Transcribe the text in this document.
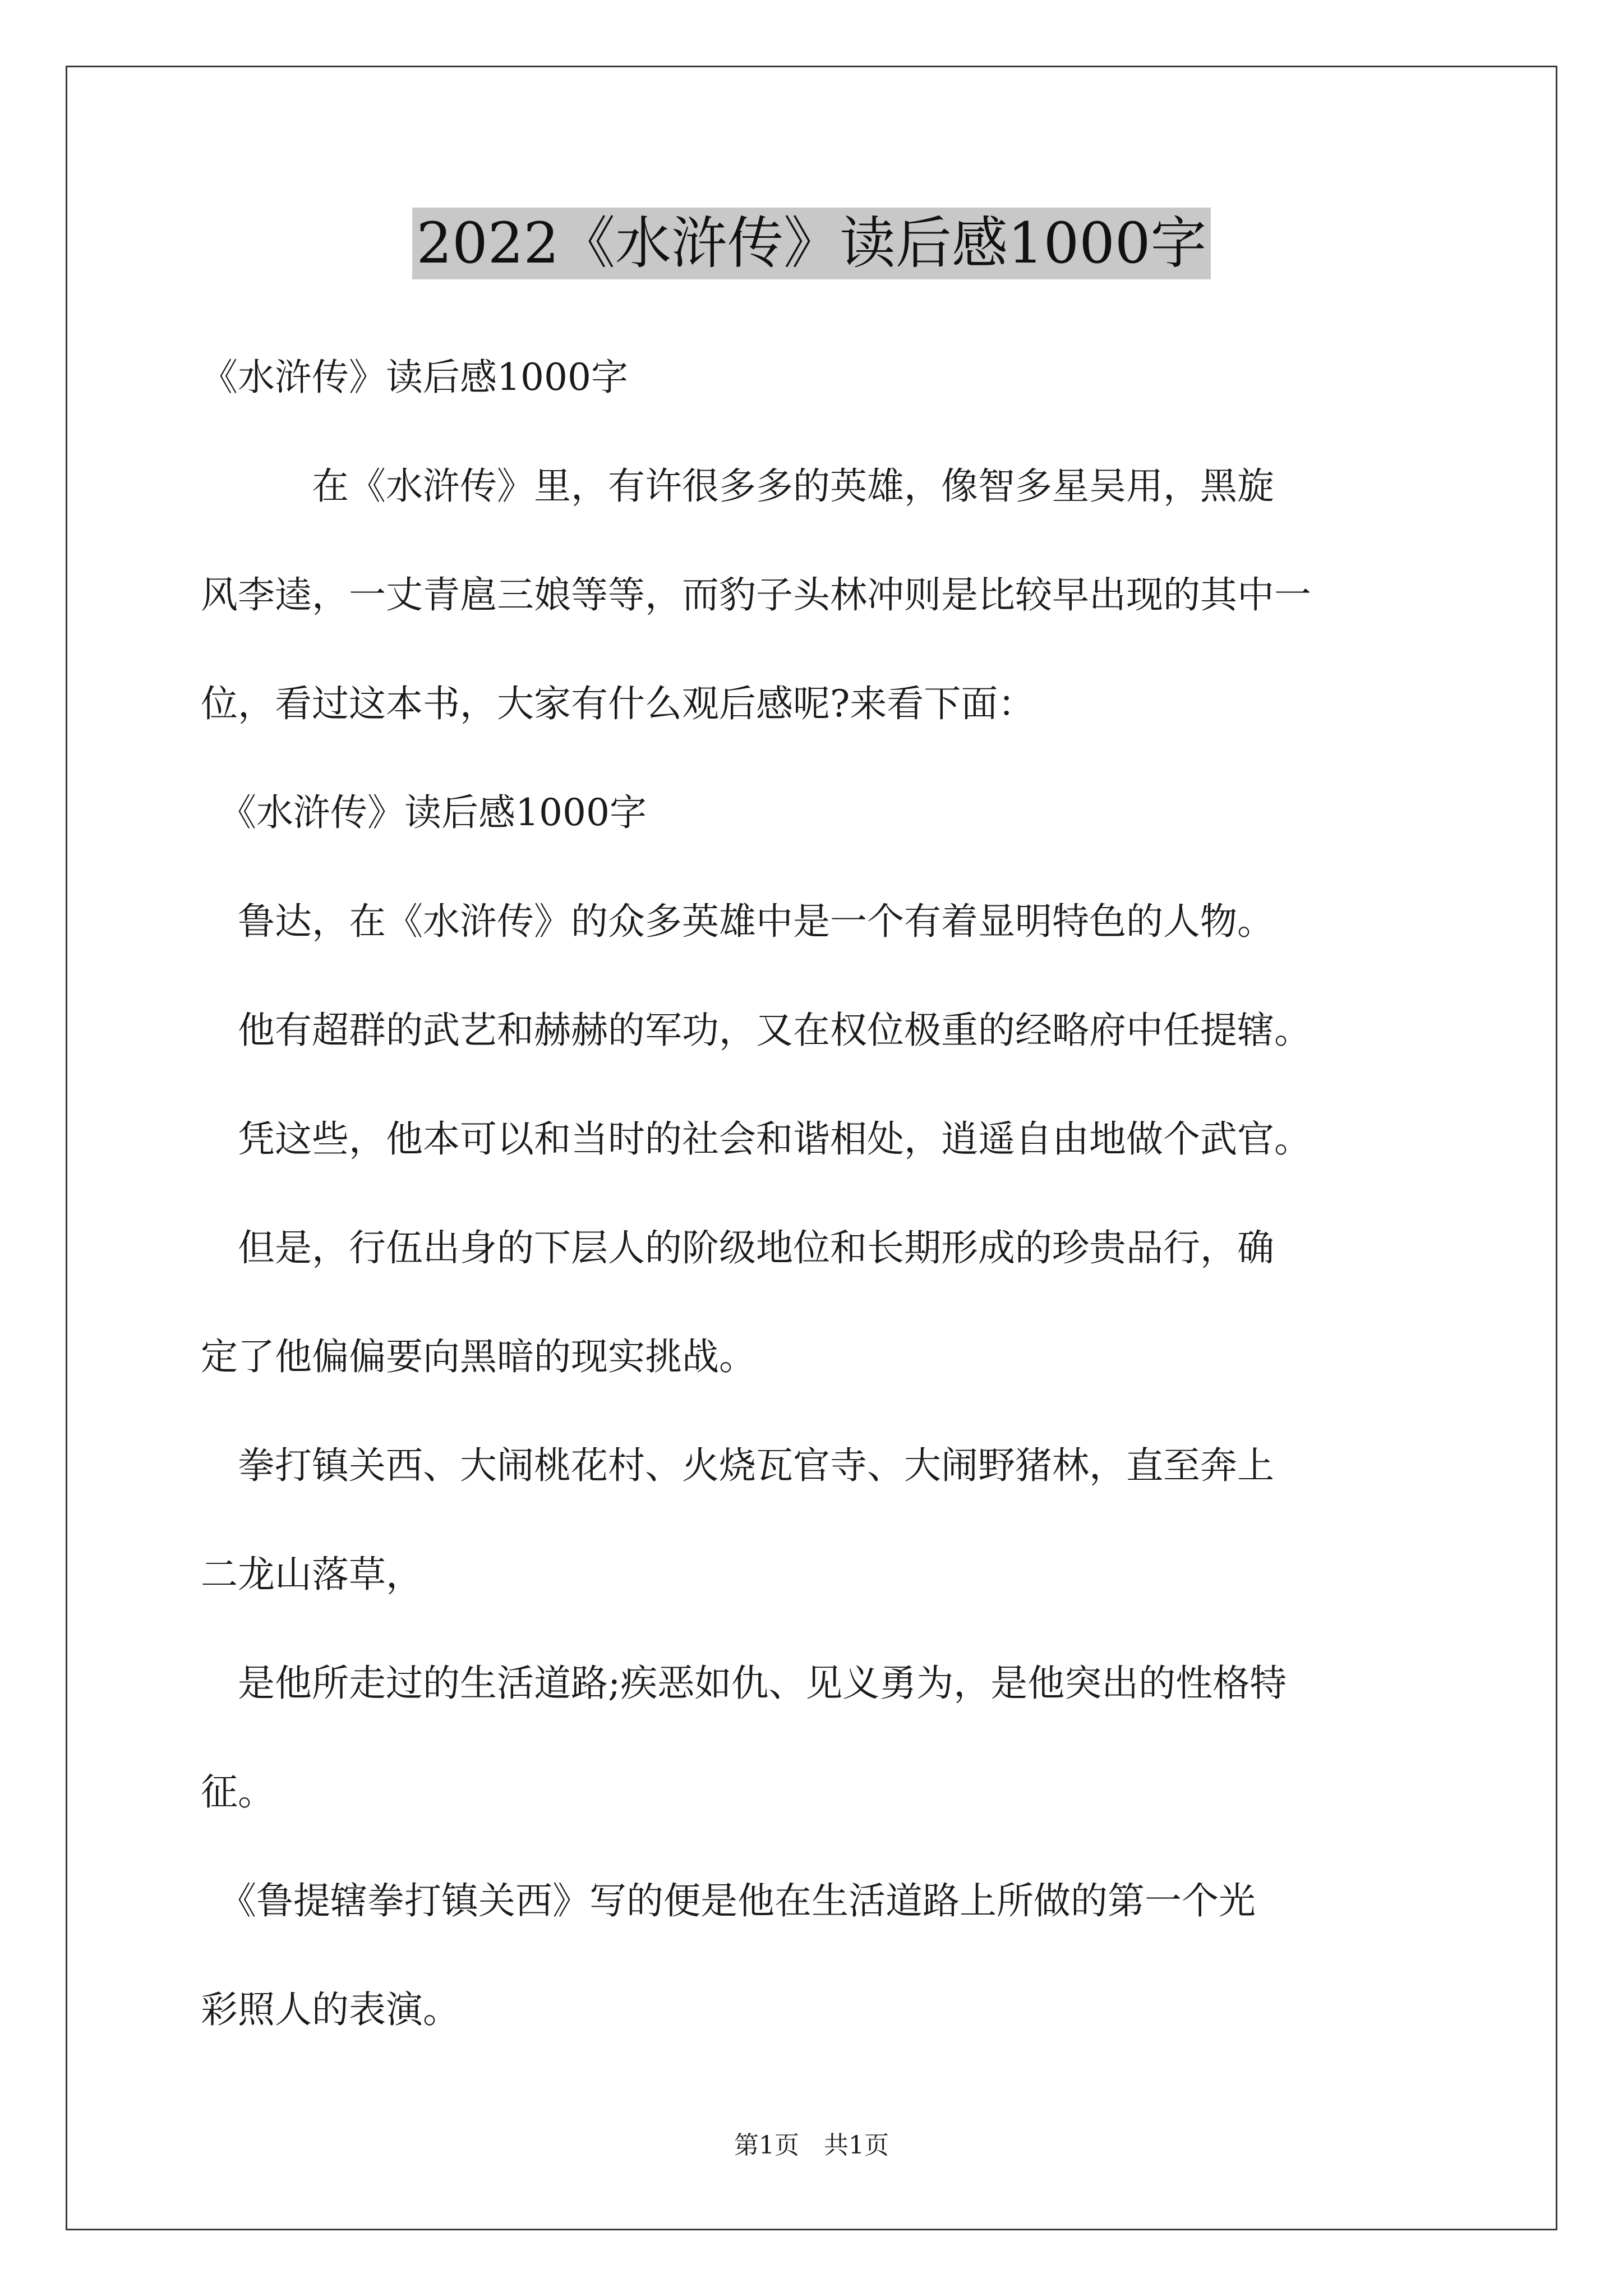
2022《水浒传》读后感1000字
《水浒传》读后感1000字
　　　在《水浒传》里，有许很多多的英雄，像智多星吴用，黑旋
风李逵，一丈青扈三娘等等，而豹子头林冲则是比较早出现的其中一
位，看过这本书，大家有什么观后感呢?来看下面：
　《水浒传》读后感1000字
　鲁达，在《水浒传》的众多英雄中是一个有着显明特色的人物。
　他有超群的武艺和赫赫的军功，又在权位极重的经略府中任提辖。
　凭这些，他本可以和当时的社会和谐相处，逍遥自由地做个武官。
　但是，行伍出身的下层人的阶级地位和长期形成的珍贵品行，确
定了他偏偏要向黑暗的现实挑战。
　拳打镇关西、大闹桃花村、火烧瓦官寺、大闹野猪林，直至奔上
二龙山落草，
　是他所走过的生活道路;疾恶如仇、见义勇为，是他突出的性格特
征。
　《鲁提辖拳打镇关西》写的便是他在生活道路上所做的第一个光
彩照人的表演。
第1页　共1页
